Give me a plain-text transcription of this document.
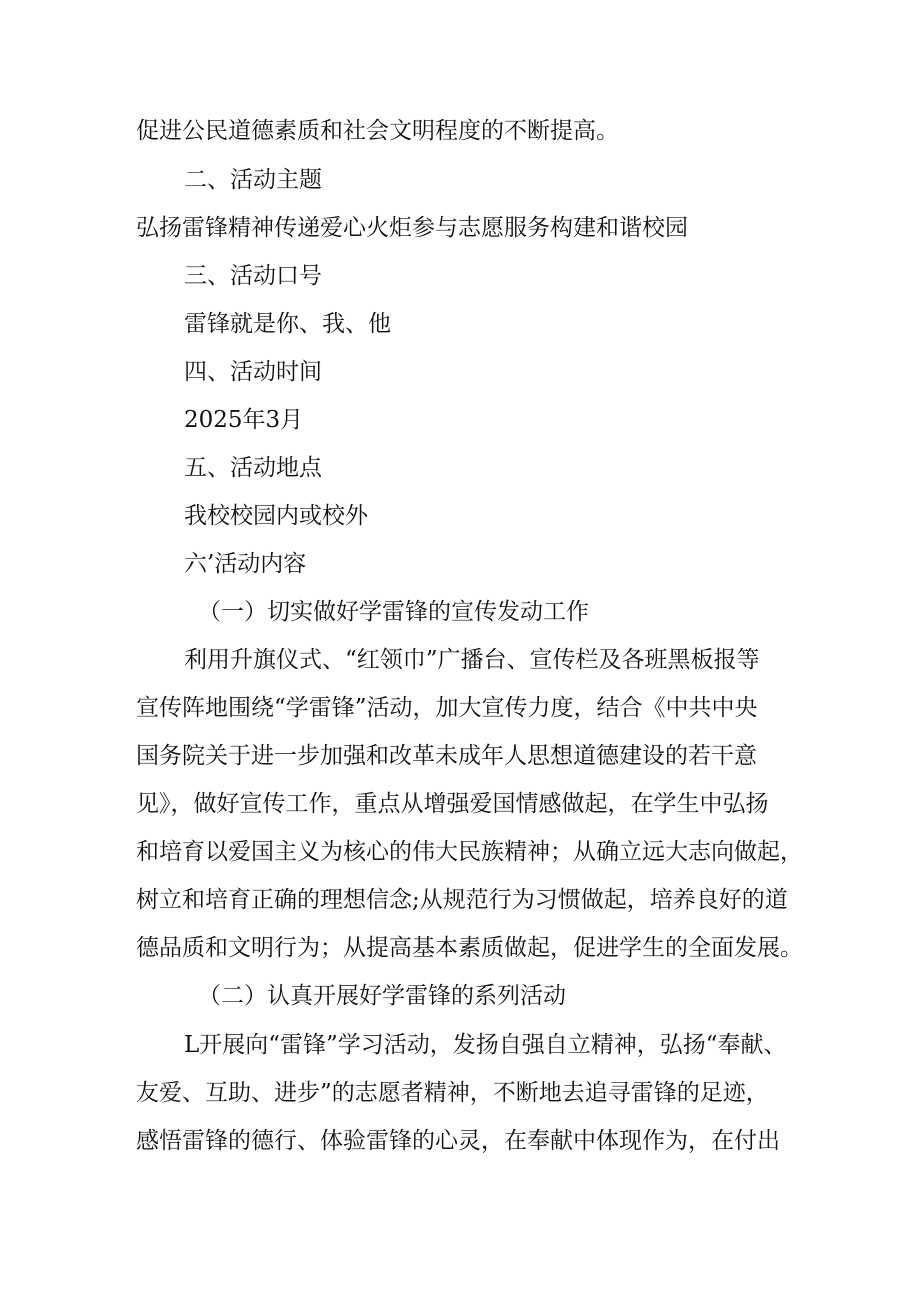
促进公民道德素质和社会文明程度的不断提高。
二、活动主题
弘扬雷锋精神传递爱心火炬参与志愿服务构建和谐校园
三、活动口号
雷锋就是你、我、他
四、活动时间
2025年3月
五、活动地点
我校校园内或校外
六’活动内容
（一）切实做好学雷锋的宣传发动工作
利用升旗仪式、“红领巾”广播台、宣传栏及各班黑板报等
宣传阵地围绕“学雷锋”活动，加大宣传力度，结合《中共中央
国务院关于进一步加强和改革未成年人思想道德建设的若干意
见》，做好宣传工作，重点从增强爱国情感做起，在学生中弘扬
和培育以爱国主义为核心的伟大民族精神；从确立远大志向做起，
树立和培育正确的理想信念;从规范行为习惯做起，培养良好的道
德品质和文明行为；从提高基本素质做起，促进学生的全面发展。
（二）认真开展好学雷锋的系列活动
L开展向“雷锋”学习活动，发扬自强自立精神，弘扬“奉献、
友爱、互助、进步”的志愿者精神，不断地去追寻雷锋的足迹，
感悟雷锋的德行、体验雷锋的心灵，在奉献中体现作为，在付出
